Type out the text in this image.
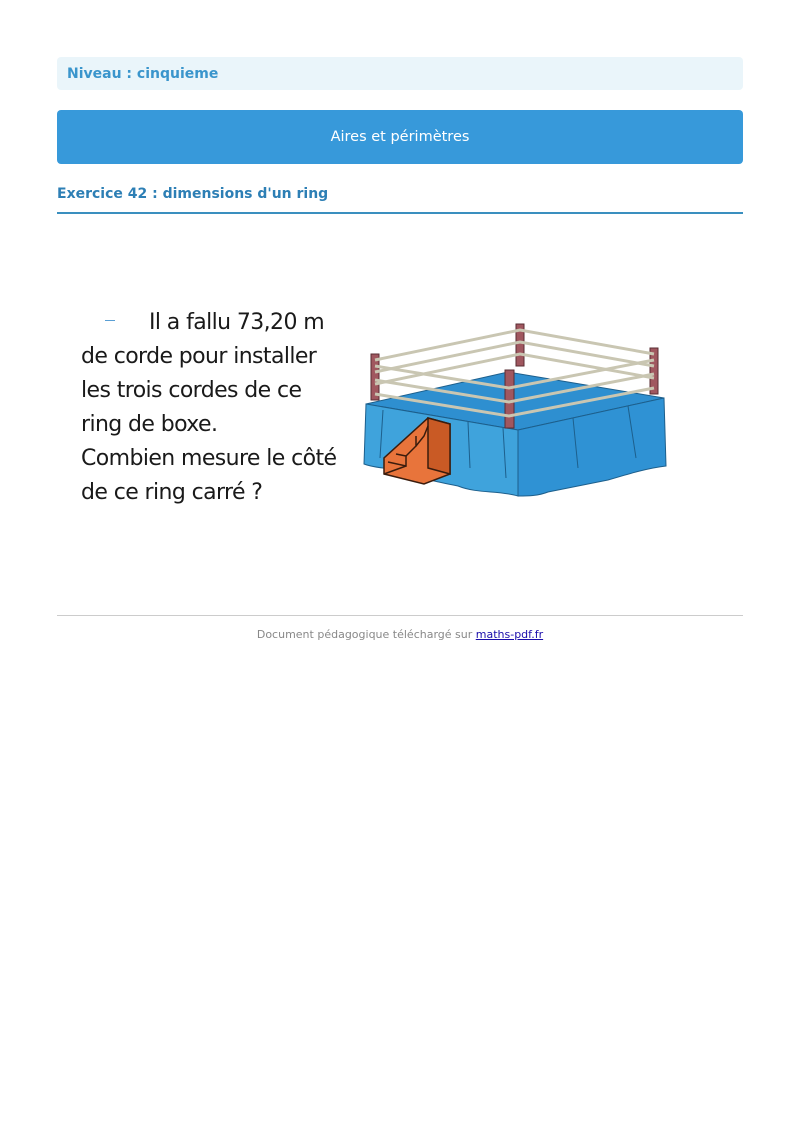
Niveau : cinquieme
Aires et périmètres
Exercice 42 : dimensions d'un ring
Il a fallu 73,20 m
de corde pour installer
les trois cordes de ce
ring de boxe.
Combien mesure le côté
de ce ring carré ?
Document pédagogique téléchargé sur maths-pdf.fr
